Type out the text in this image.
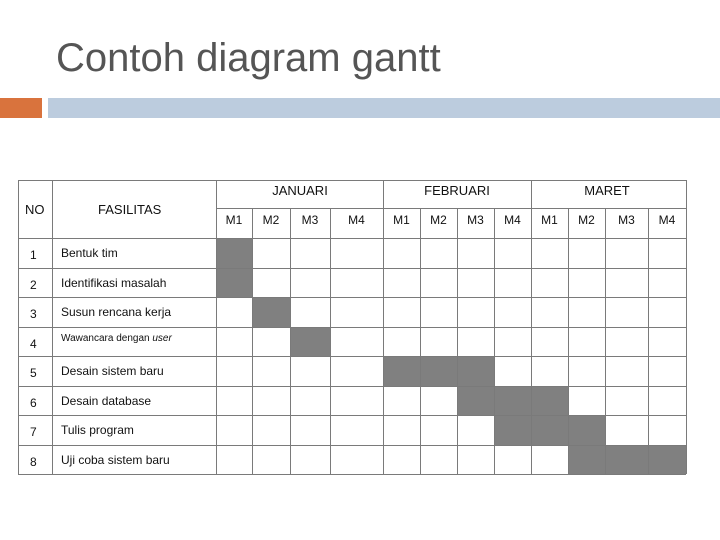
Contoh diagram gantt
NO	FASILITAS
JANUARI	FEBRUARI	MARET
M1 M2 M3 M4 M1 M2 M3 M4 M1 M2 M3 M4
1 Bentuk tim
2 Identifikasi masalah
3 Susun rencana kerja
4 Wawancara dengan user
5 Desain sistem baru
6 Desain database
7 Tulis program
8 Uji coba sistem baru
